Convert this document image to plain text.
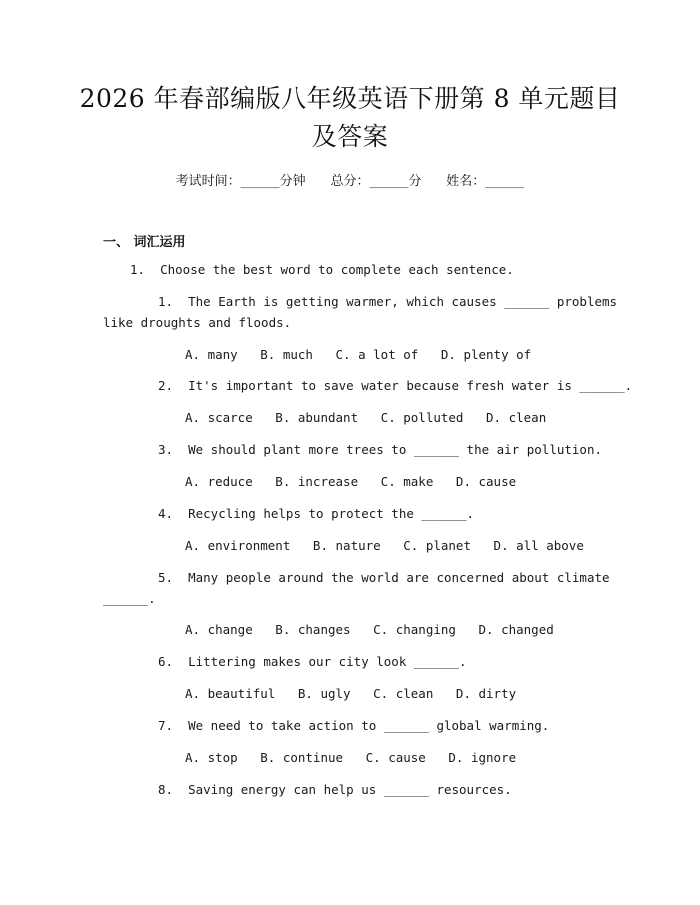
2026 年春部编版八年级英语下册第 8 单元题目及答案
考试时间：______分钟 总分：______分 姓名：______
一、 词汇运用
1.  Choose the best word to complete each sentence.
1.  The Earth is getting warmer, which causes ______ problems
like droughts and floods.
A. many   B. much   C. a lot of   D. plenty of
2.  It's important to save water because fresh water is ______.
A. scarce   B. abundant   C. polluted   D. clean
3.  We should plant more trees to ______ the air pollution.
A. reduce   B. increase   C. make   D. cause
4.  Recycling helps to protect the ______.
A. environment   B. nature   C. planet   D. all above
5.  Many people around the world are concerned about climate
______.
A. change   B. changes   C. changing   D. changed
6.  Littering makes our city look ______.
A. beautiful   B. ugly   C. clean   D. dirty
7.  We need to take action to ______ global warming.
A. stop   B. continue   C. cause   D. ignore
8.  Saving energy can help us ______ resources.
